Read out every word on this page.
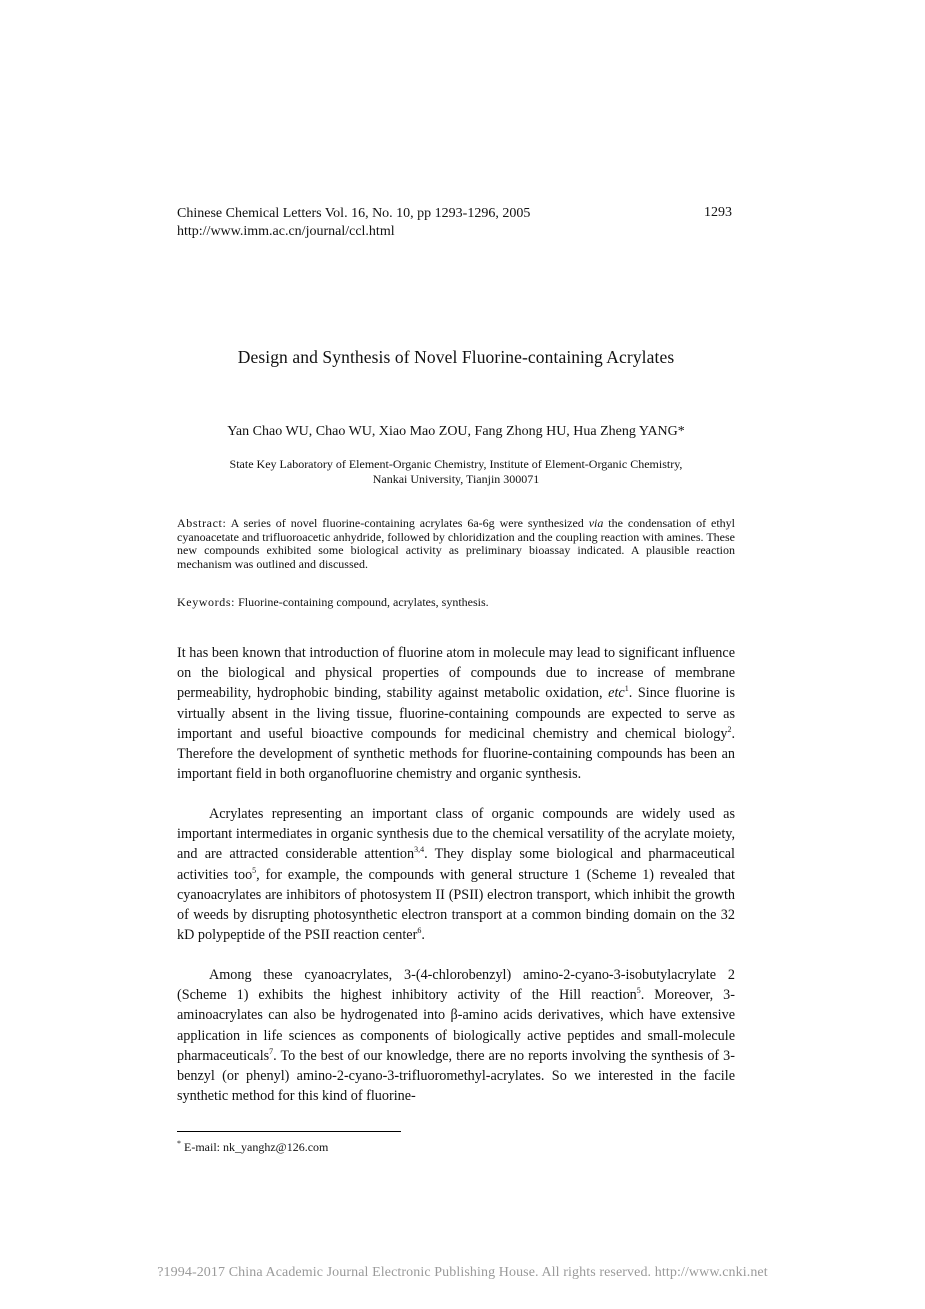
Chinese Chemical Letters Vol. 16, No. 10, pp 1293-1296, 2005	1293
http://www.imm.ac.cn/journal/ccl.html
Design and Synthesis of Novel Fluorine-containing Acrylates
Yan Chao WU, Chao WU, Xiao Mao ZOU, Fang Zhong HU, Hua Zheng YANG*
State Key Laboratory of Element-Organic Chemistry, Institute of Element-Organic Chemistry,
Nankai University, Tianjin 300071
Abstract: A series of novel fluorine-containing acrylates 6a-6g were synthesized via the condensation of ethyl cyanoacetate and trifluoroacetic anhydride, followed by chloridization and the coupling reaction with amines. These new compounds exhibited some biological activity as preliminary bioassay indicated. A plausible reaction mechanism was outlined and discussed.
Keywords: Fluorine-containing compound, acrylates, synthesis.

It has been known that introduction of fluorine atom in molecule may lead to significant influence on the biological and physical properties of compounds due to increase of membrane permeability, hydrophobic binding, stability against metabolic oxidation, etc$^1$. Since fluorine is virtually absent in the living tissue, fluorine-containing compounds are expected to serve as important and useful bioactive compounds for medicinal chemistry and chemical biology$^2$. Therefore the development of synthetic methods for fluorine-containing compounds has been an important field in both organofluorine chemistry and organic synthesis.

Acrylates representing an important class of organic compounds are widely used as important intermediates in organic synthesis due to the chemical versatility of the acrylate moiety, and are attracted considerable attention$^{3,4}$. They display some biological and pharmaceutical activities too$^5$, for example, the compounds with general structure 1 (Scheme 1) revealed that cyanoacrylates are inhibitors of photosystem II (PSII) electron transport, which inhibit the growth of weeds by disrupting photosynthetic electron transport at a common binding domain on the 32 kD polypeptide of the PSII reaction center$^6$.

Among these cyanoacrylates, 3-(4-chlorobenzyl) amino-2-cyano-3-isobutylacrylate 2 (Scheme 1) exhibits the highest inhibitory activity of the Hill reaction$^5$. Moreover, 3-aminoacrylates can also be hydrogenated into β-amino acids derivatives, which have extensive application in life sciences as components of biologically active peptides and small-molecule pharmaceuticals$^7$. To the best of our knowledge, there are no reports involving the synthesis of 3-benzyl (or phenyl) amino-2-cyano-3-trifluoromethyl-acrylates. So we interested in the facile synthetic method for this kind of fluorine-

* E-mail: nk_yanghz@126.com
?1994-2017 China Academic Journal Electronic Publishing House. All rights reserved. http://www.cnki.net
